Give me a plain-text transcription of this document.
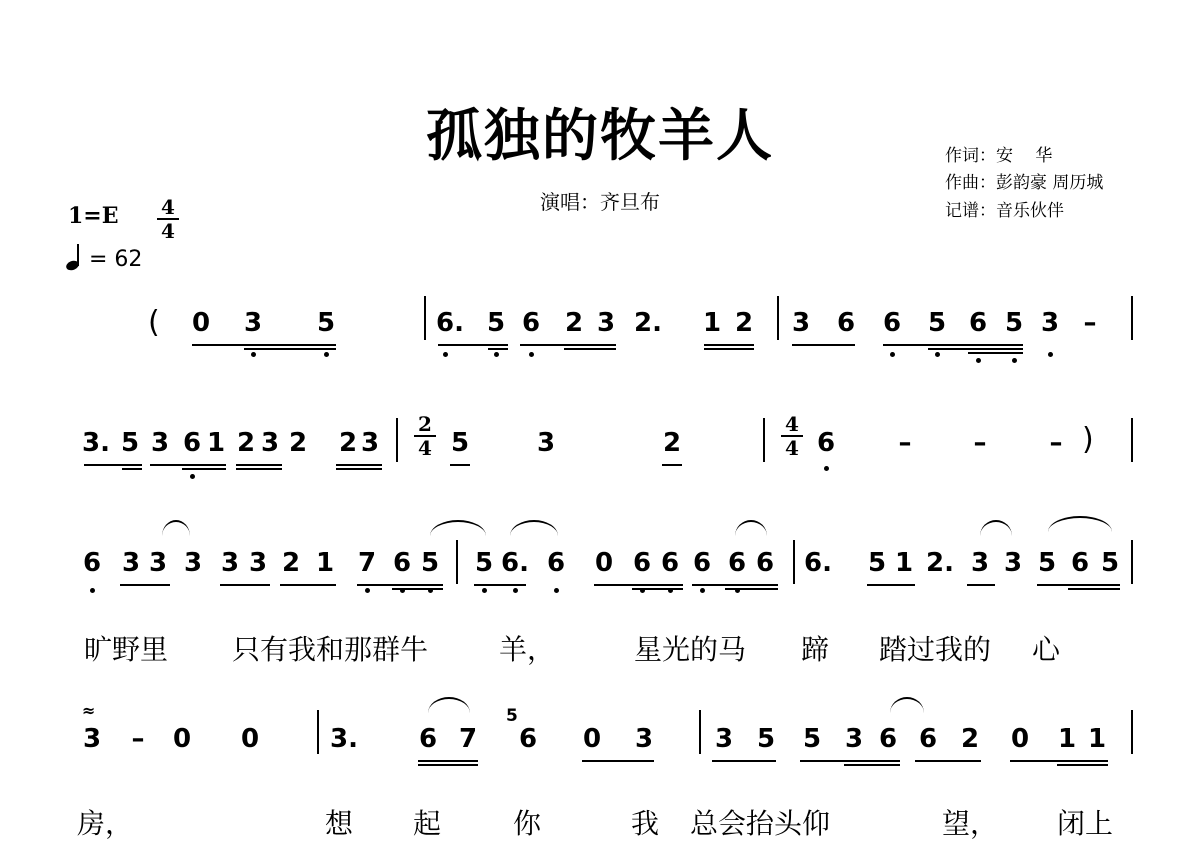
孤独的牧羊人
演唱：齐旦布
作词：安　 华
作曲：彭韵豪 周历城
记谱：音乐伙伴
1=E	4
4
= 62
(	–
0 3 5	6. 5 6 2 3 2. 1 2 3 6 6 5 6 5 3
2
4
4
4	– – – )
3. 5 3 6 1 2 3 2 2 3	5	3	2	6
6 3 3 3 3 3 2 1 7 6 5 5 6. 6 0 6 6 6 6 6 6. 5 1 2. 3 3 5 6 5
旷野里 只有我和那群牛	羊，	星光的马 蹄 踏过我的 心
≈
–
5
3	0 0	3. 6 7 6 0 3 3 5 5 3 6 6 2 0 1 1
房，	想 起	你	我 总会抬头仰	望， 闭上
